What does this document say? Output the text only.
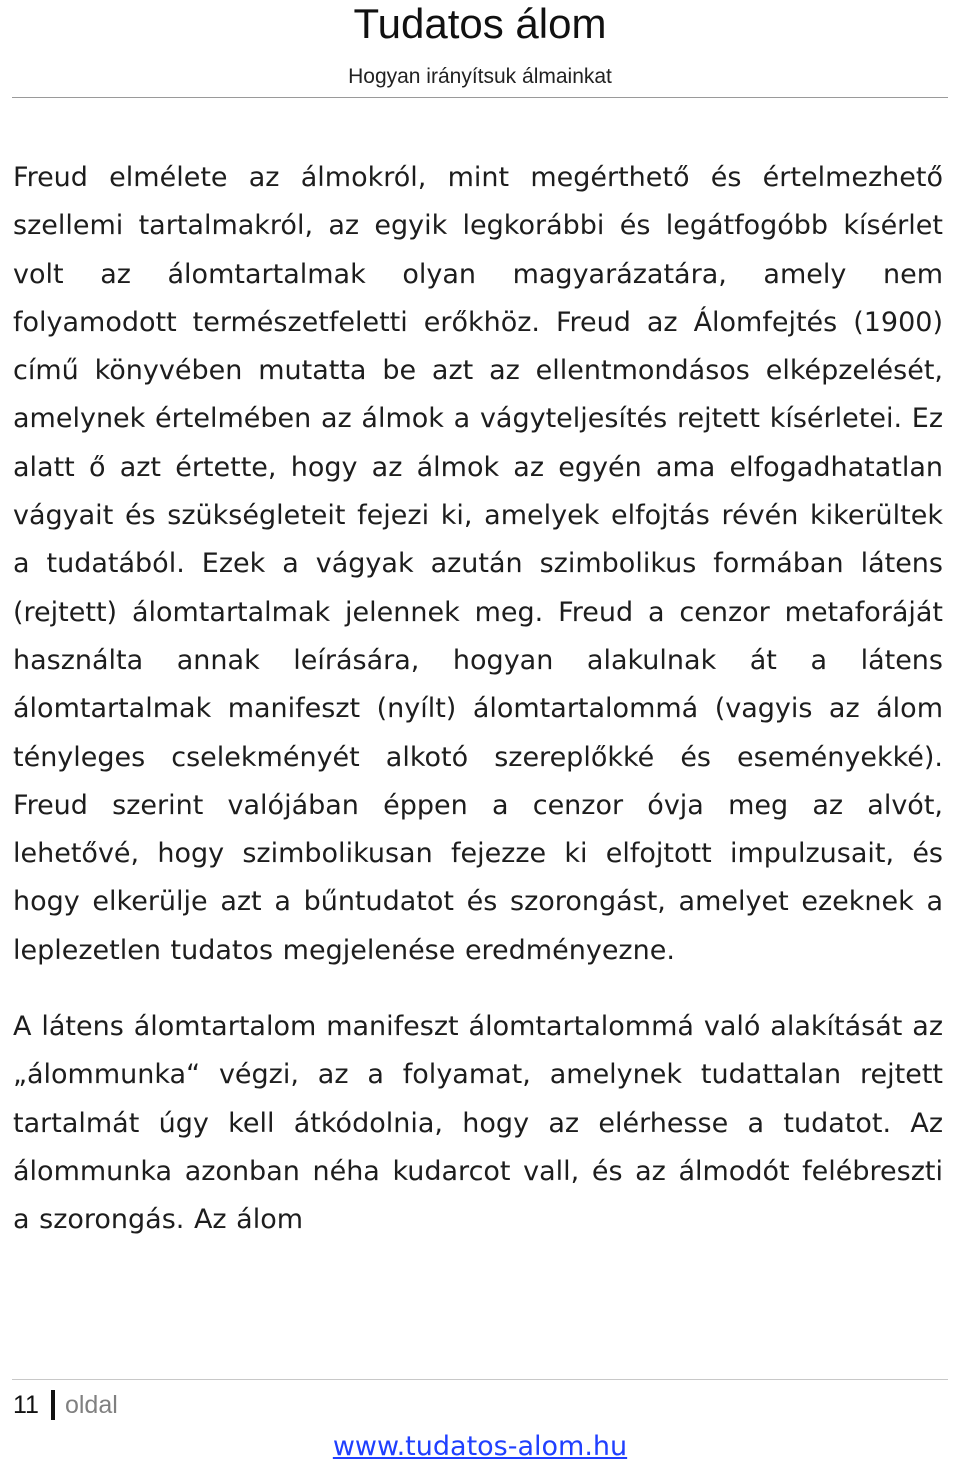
Tudatos álom
Hogyan irányítsuk álmainkat

Freud elmélete az álmokról, mint megérthető és értelmezhető szellemi tartalmakról, az egyik legkorábbi és legátfogóbb kísérlet volt az álomtartalmak olyan magyarázatára, amely nem folyamodott természetfeletti erőkhöz. Freud az Álomfejtés (1900) című könyvében mutatta be azt az ellentmondásos elképzelését, amelynek értelmében az álmok a vágyteljesítés rejtett kísérletei. Ez alatt ő azt értette, hogy az álmok az egyén ama elfogadhatatlan vágyait és szükségleteit fejezi ki, amelyek elfojtás révén kikerültek a tudatából. Ezek a vágyak azután szimbolikus formában látens (rejtett) álomtartalmak jelennek meg. Freud a cenzor metaforáját használta annak leírására, hogyan alakulnak át a látens álomtartalmak manifeszt (nyílt) álomtartalommá (vagyis az álom tényleges cselekményét alkotó szereplőkké és eseményekké). Freud szerint valójában éppen a cenzor óvja meg az alvót, lehetővé, hogy szimbolikusan fejezze ki elfojtott impulzusait, és hogy elkerülje azt a bűntudatot és szorongást, amelyet ezeknek a leplezetlen tudatos megjelenése eredményezne.

A látens álomtartalom manifeszt álomtartalommá való alakítását az „álommunka“ végzi, az a folyamat, amelynek tudattalan rejtett tartalmát úgy kell átkódolnia, hogy az elérhesse a tudatot. Az álommunka azonban néha kudarcot vall, és az álmodót felébreszti a szorongás. Az álom

11 oldal
www.tudatos-alom.hu
